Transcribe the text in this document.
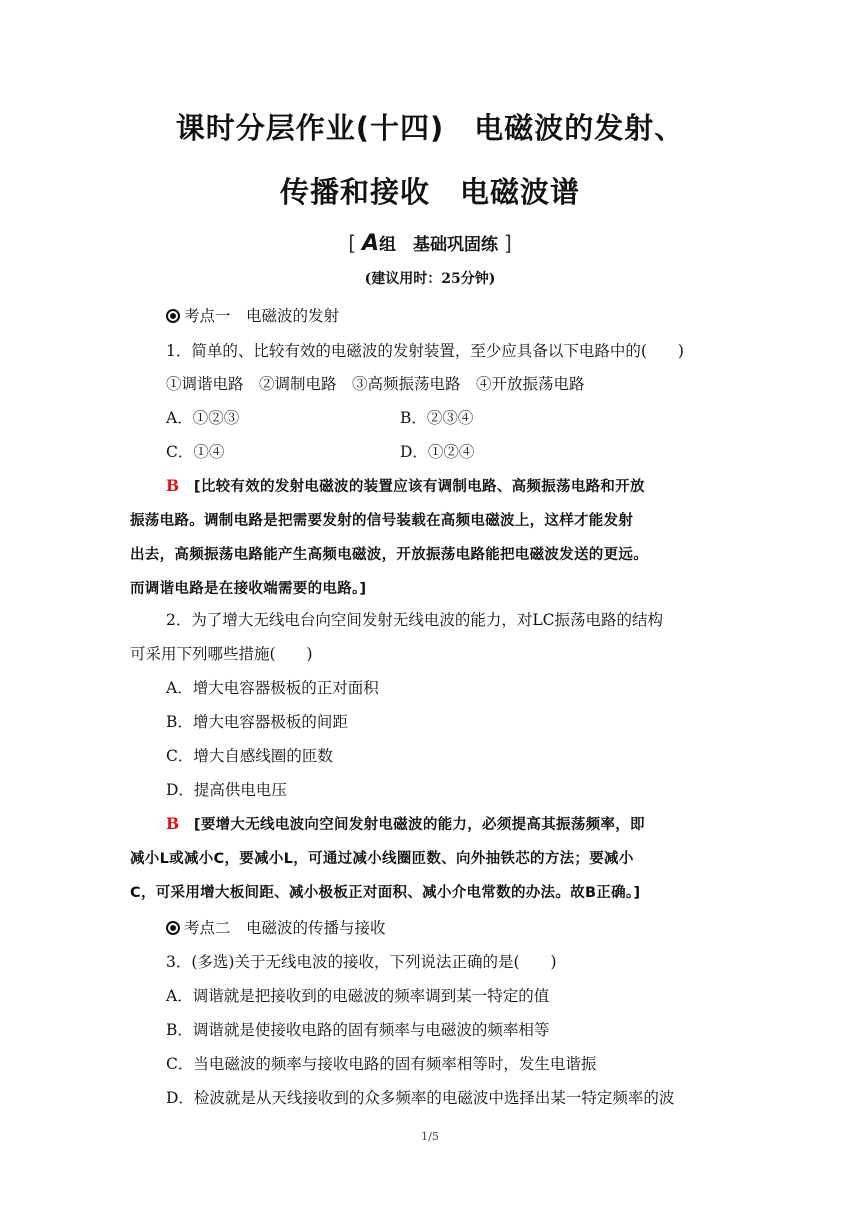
课时分层作业(十四)　电磁波的发射、
传播和接收　电磁波谱
[ A组　基础巩固练 ]
(建议用时：25分钟)
考点一　电磁波的发射
1．简单的、比较有效的电磁波的发射装置，至少应具备以下电路中的(　　)
①调谐电路　②调制电路　③高频振荡电路　④开放振荡电路
A．①②③	B．②③④
C．①④	D．①②④
B [比较有效的发射电磁波的装置应该有调制电路、高频振荡电路和开放
振荡电路。调制电路是把需要发射的信号装载在高频电磁波上，这样才能发射
出去，高频振荡电路能产生高频电磁波，开放振荡电路能把电磁波发送的更远。
而调谐电路是在接收端需要的电路。]
2．为了增大无线电台向空间发射无线电波的能力，对LC振荡电路的结构
可采用下列哪些措施(　　)
A．增大电容器极板的正对面积
B．增大电容器极板的间距
C．增大自感线圈的匝数
D．提高供电电压
B [要增大无线电波向空间发射电磁波的能力，必须提高其振荡频率，即
减小L或减小C，要减小L，可通过减小线圈匝数、向外抽铁芯的方法；要减小
C，可采用增大板间距、减小极板正对面积、减小介电常数的办法。故B正确。]
考点二　电磁波的传播与接收
3．(多选)关于无线电波的接收，下列说法正确的是(　　)
A．调谐就是把接收到的电磁波的频率调到某一特定的值
B．调谐就是使接收电路的固有频率与电磁波的频率相等
C．当电磁波的频率与接收电路的固有频率相等时，发生电谐振
D．检波就是从天线接收到的众多频率的电磁波中选择出某一特定频率的波
1/5
